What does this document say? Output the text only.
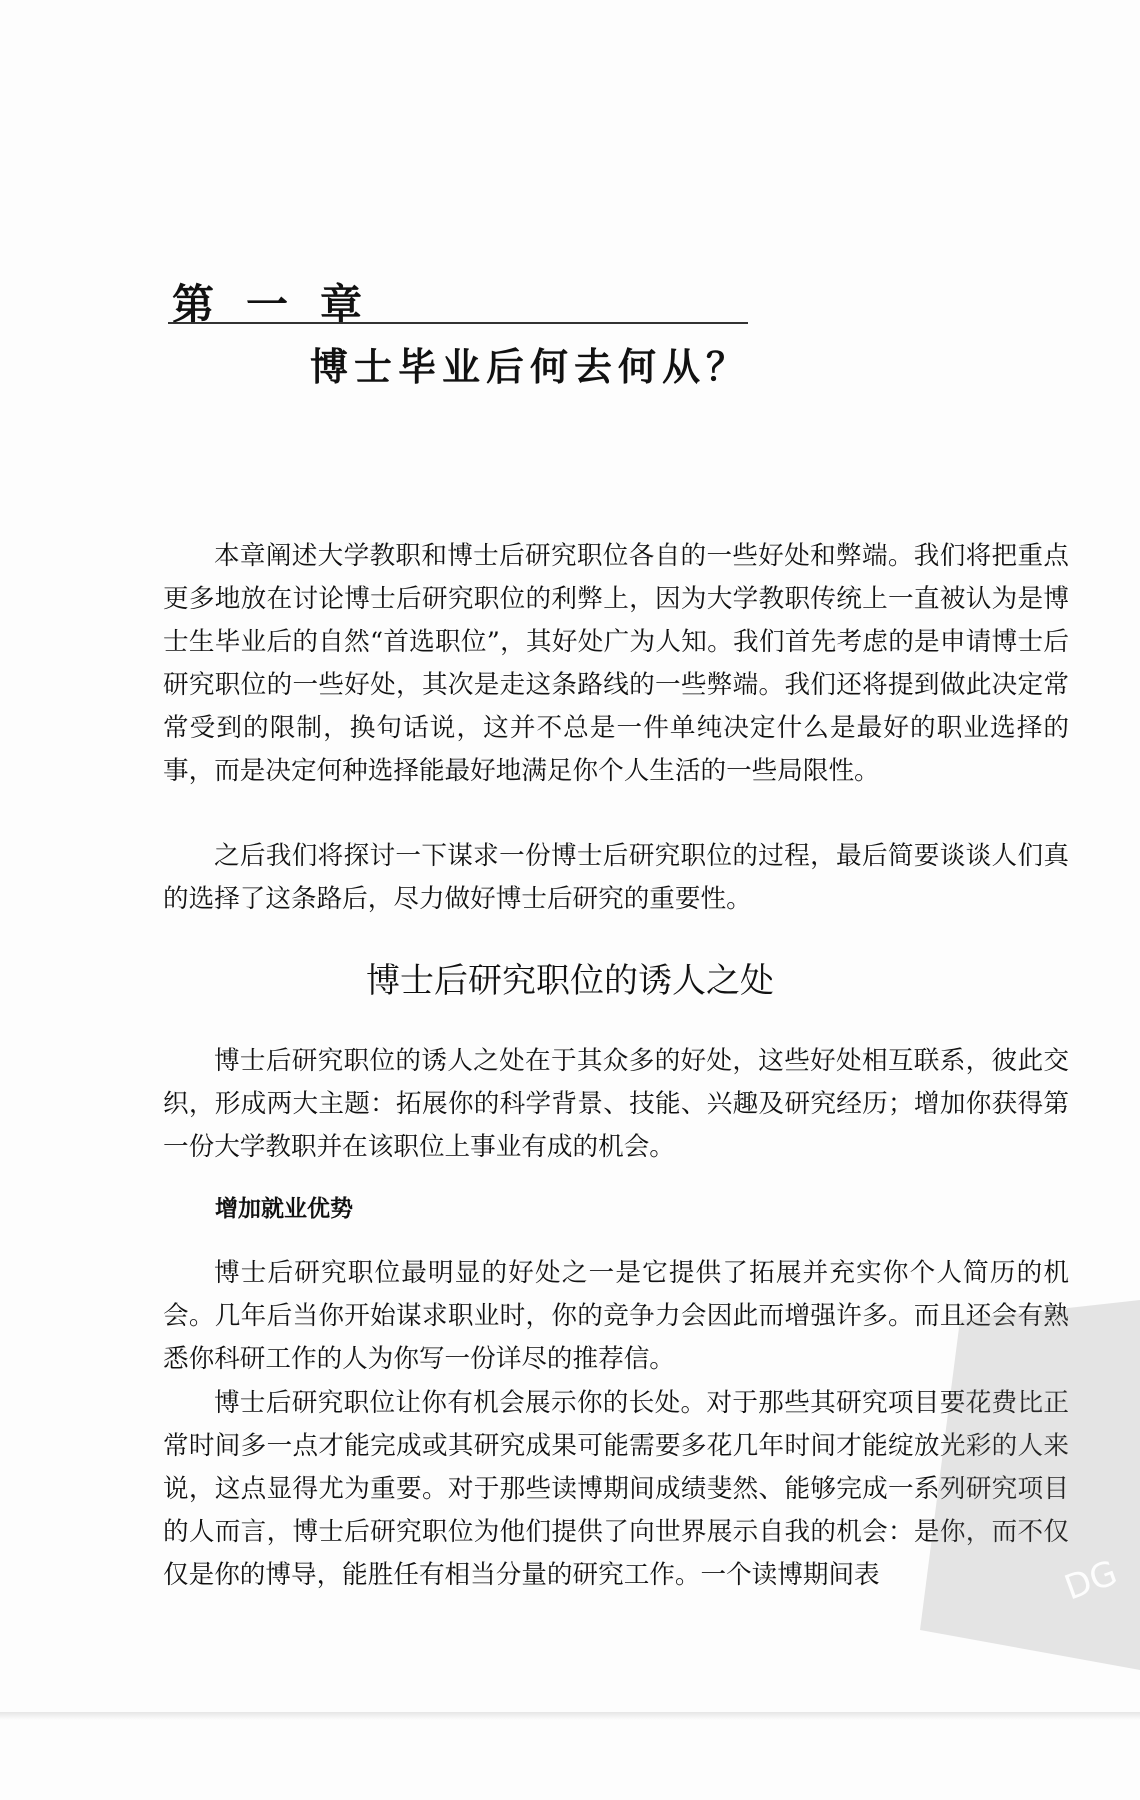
第一章
博士毕业后何去何从？

本章阐述大学教职和博士后研究职位各自的一些好处和弊端。我们将把重点更多地放在讨论博士后研究职位的利弊上，因为大学教职传统上一直被认为是博士生毕业后的自然“首选职位”，其好处广为人知。我们首先考虑的是申请博士后研究职位的一些好处，其次是走这条路线的一些弊端。我们还将提到做此决定常常受到的限制，换句话说，这并不总是一件单纯决定什么是最好的职业选择的事，而是决定何种选择能最好地满足你个人生活的一些局限性。

之后我们将探讨一下谋求一份博士后研究职位的过程，最后简要谈谈人们真的选择了这条路后，尽力做好博士后研究的重要性。

博士后研究职位的诱人之处

博士后研究职位的诱人之处在于其众多的好处，这些好处相互联系，彼此交织，形成两大主题：拓展你的科学背景、技能、兴趣及研究经历；增加你获得第一份大学教职并在该职位上事业有成的机会。

增加就业优势

博士后研究职位最明显的好处之一是它提供了拓展并充实你个人简历的机会。几年后当你开始谋求职业时，你的竞争力会因此而增强许多。而且还会有熟悉你科研工作的人为你写一份详尽的推荐信。

博士后研究职位让你有机会展示你的长处。对于那些其研究项目要花费比正常时间多一点才能完成或其研究成果可能需要多花几年时间才能绽放光彩的人来说，这点显得尤为重要。对于那些读博期间成绩斐然、能够完成一系列研究项目的人而言，博士后研究职位为他们提供了向世界展示自我的机会：是你，而不仅仅是你的博导，能胜任有相当分量的研究工作。一个读博期间表	DG
